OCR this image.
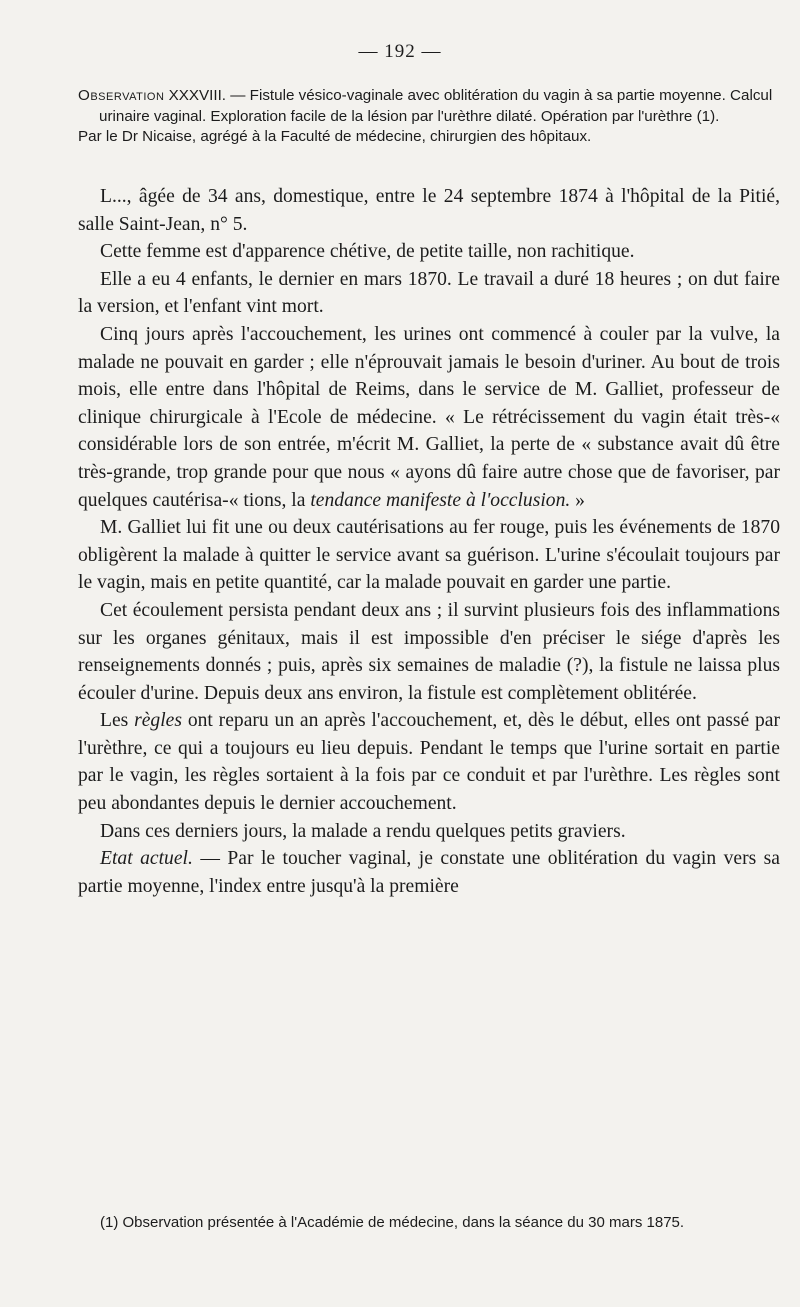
— 192 —

Observation XXXVIII. — Fistule vésico-vaginale avec oblitération du vagin à sa partie moyenne. Calcul urinaire vaginal. Exploration facile de la lésion par l'urèthre dilaté. Opération par l'urèthre (1).

Par le Dr Nicaise, agrégé à la Faculté de médecine, chirurgien des hôpitaux.

L..., âgée de 34 ans, domestique, entre le 24 septembre 1874 à l'hôpital de la Pitié, salle Saint-Jean, n° 5.

Cette femme est d'apparence chétive, de petite taille, non rachitique.

Elle a eu 4 enfants, le dernier en mars 1870. Le travail a duré 18 heures ; on dut faire la version, et l'enfant vint mort.

Cinq jours après l'accouchement, les urines ont commencé à couler par la vulve, la malade ne pouvait en garder ; elle n'éprouvait jamais le besoin d'uriner. Au bout de trois mois, elle entre dans l'hôpital de Reims, dans le service de M. Galliet, professeur de clinique chirurgicale à l'Ecole de médecine. « Le rétrécissement du vagin était très-« considérable lors de son entrée, m'écrit M. Galliet, la perte de « substance avait dû être très-grande, trop grande pour que nous « ayons dû faire autre chose que de favoriser, par quelques cautérisa-« tions, la tendance manifeste à l'occlusion. »

M. Galliet lui fit une ou deux cautérisations au fer rouge, puis les événements de 1870 obligèrent la malade à quitter le service avant sa guérison. L'urine s'écoulait toujours par le vagin, mais en petite quantité, car la malade pouvait en garder une partie.

Cet écoulement persista pendant deux ans ; il survint plusieurs fois des inflammations sur les organes génitaux, mais il est impossible d'en préciser le siége d'après les renseignements donnés ; puis, après six semaines de maladie (?), la fistule ne laissa plus écouler d'urine. Depuis deux ans environ, la fistule est complètement oblitérée.

Les règles ont reparu un an après l'accouchement, et, dès le début, elles ont passé par l'urèthre, ce qui a toujours eu lieu depuis. Pendant le temps que l'urine sortait en partie par le vagin, les règles sortaient à la fois par ce conduit et par l'urèthre. Les règles sont peu abondantes depuis le dernier accouchement.

Dans ces derniers jours, la malade a rendu quelques petits graviers.

Etat actuel. — Par le toucher vaginal, je constate une oblitération du vagin vers sa partie moyenne, l'index entre jusqu'à la première

(1) Observation présentée à l'Académie de médecine, dans la séance du 30 mars 1875.
